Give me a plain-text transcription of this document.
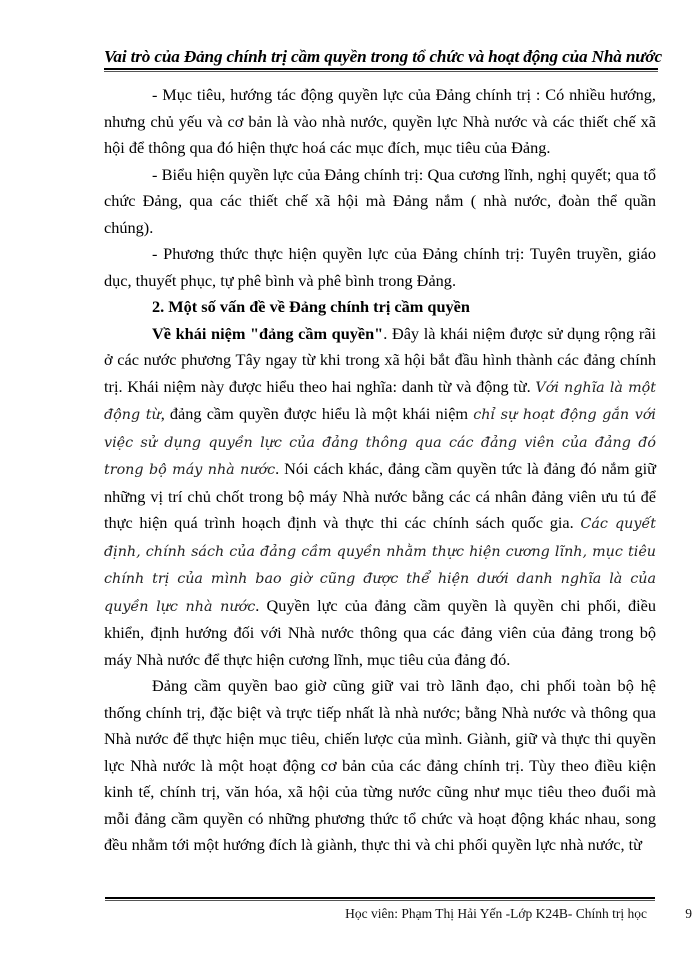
Vai trò của Đảng chính trị cầm quyền trong tổ chức và hoạt động của Nhà nước

- Mục tiêu, hướng tác động quyền lực của Đảng chính trị : Có nhiều hướng, nhưng chủ yếu và cơ bản là vào nhà nước, quyền lực Nhà nước và các thiết chế xã hội để thông qua đó hiện thực hoá các mục đích, mục tiêu của Đảng.

- Biểu hiện quyền lực của Đảng chính trị: Qua cương lĩnh, nghị quyết; qua tổ chức Đảng, qua các thiết chế xã hội mà Đảng nắm ( nhà nước, đoàn thể quần chúng).

- Phương thức thực hiện quyền lực của Đảng chính trị: Tuyên truyền, giáo dục, thuyết phục, tự phê bình và phê bình trong Đảng.

2. Một số vấn đề về Đảng chính trị cầm quyền

Về khái niệm "đảng cầm quyền". Đây là khái niệm được sử dụng rộng rãi ở các nước phương Tây ngay từ khi trong xã hội bắt đầu hình thành các đảng chính trị. Khái niệm này được hiểu theo hai nghĩa: danh từ và động từ. Với nghĩa là một động từ, đảng cầm quyền được hiểu là một khái niệm chỉ sự hoạt động gắn với việc sử dụng quyền lực của đảng thông qua các đảng viên của đảng đó trong bộ máy nhà nước. Nói cách khác, đảng cầm quyền tức là đảng đó nắm giữ những vị trí chủ chốt trong bộ máy Nhà nước bằng các cá nhân đảng viên ưu tú để thực hiện quá trình hoạch định và thực thi các chính sách quốc gia. Các quyết định, chính sách của đảng cầm quyền nhằm thực hiện cương lĩnh, mục tiêu chính trị của mình bao giờ cũng được thể hiện dưới danh nghĩa là của quyền lực nhà nước. Quyền lực của đảng cầm quyền là quyền chi phối, điều khiển, định hướng đối với Nhà nước thông qua các đảng viên của đảng trong bộ máy Nhà nước để thực hiện cương lĩnh, mục tiêu của đảng đó.

Đảng cầm quyền bao giờ cũng giữ vai trò lãnh đạo, chi phối toàn bộ hệ thống chính trị, đặc biệt và trực tiếp nhất là nhà nước; bằng Nhà nước và thông qua Nhà nước để thực hiện mục tiêu, chiến lược của mình. Giành, giữ và thực thi quyền lực Nhà nước là một hoạt động cơ bản của các đảng chính trị. Tùy theo điều kiện kinh tế, chính trị, văn hóa, xã hội của từng nước cũng như mục tiêu theo đuổi mà mỗi đảng cầm quyền có những phương thức tổ chức và hoạt động khác nhau, song đều nhằm tới một hướng đích là giành, thực thi và chi phối quyền lực nhà nước, từ

Học viên: Phạm Thị Hải Yến -Lớp K24B- Chính trị học	9
